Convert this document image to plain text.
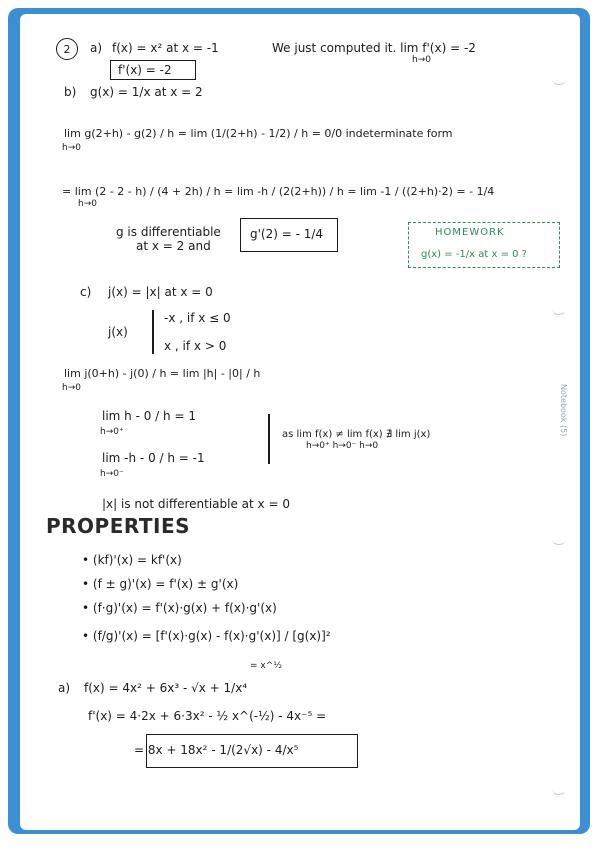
Notebook (5)
2	a) f(x) = x² at x = -1	We just computed it. lim f'(x) = -2
h→0
f'(x) = -2
b) g(x) = 1/x at x = 2
lim g(2+h) - g(2) / h = lim (1/(2+h) - 1/2) / h = 0/0 indeterminate form
h→0
= lim (2 - 2 - h) / (4 + 2h) / h = lim -h / (2(2+h)) / h = lim -1 / ((2+h)·2) = - 1/4
h→0
g is differentiable
at x = 2 and
g'(2) = - 1/4	HOMEWORK
g(x) = -1/x at x = 0 ?
c) j(x) = |x| at x = 0
j(x)
-x , if x ≤ 0
x , if x > 0
lim j(0+h) - j(0) / h = lim |h| - |0| / h
h→0
lim h - 0 / h = 1
h→0⁺
lim -h - 0 / h = -1
h→0⁻
as lim f(x) ≠ lim f(x) ∄ lim j(x)
h→0⁺ h→0⁻ h→0
|x| is not differentiable at x = 0
PROPERTIES
• (kf)'(x) = kf'(x)
• (f ± g)'(x) = f'(x) ± g'(x)
• (f·g)'(x) = f'(x)·g(x) + f(x)·g'(x)
• (f/g)'(x) = [f'(x)·g(x) - f(x)·g'(x)] / [g(x)]²
= x^½
a) f(x) = 4x² + 6x³ - √x + 1/x⁴
f'(x) = 4·2x + 6·3x² - ½ x^(-½) - 4x⁻⁵ =
= 8x + 18x² - 1/(2√x) - 4/x⁵
